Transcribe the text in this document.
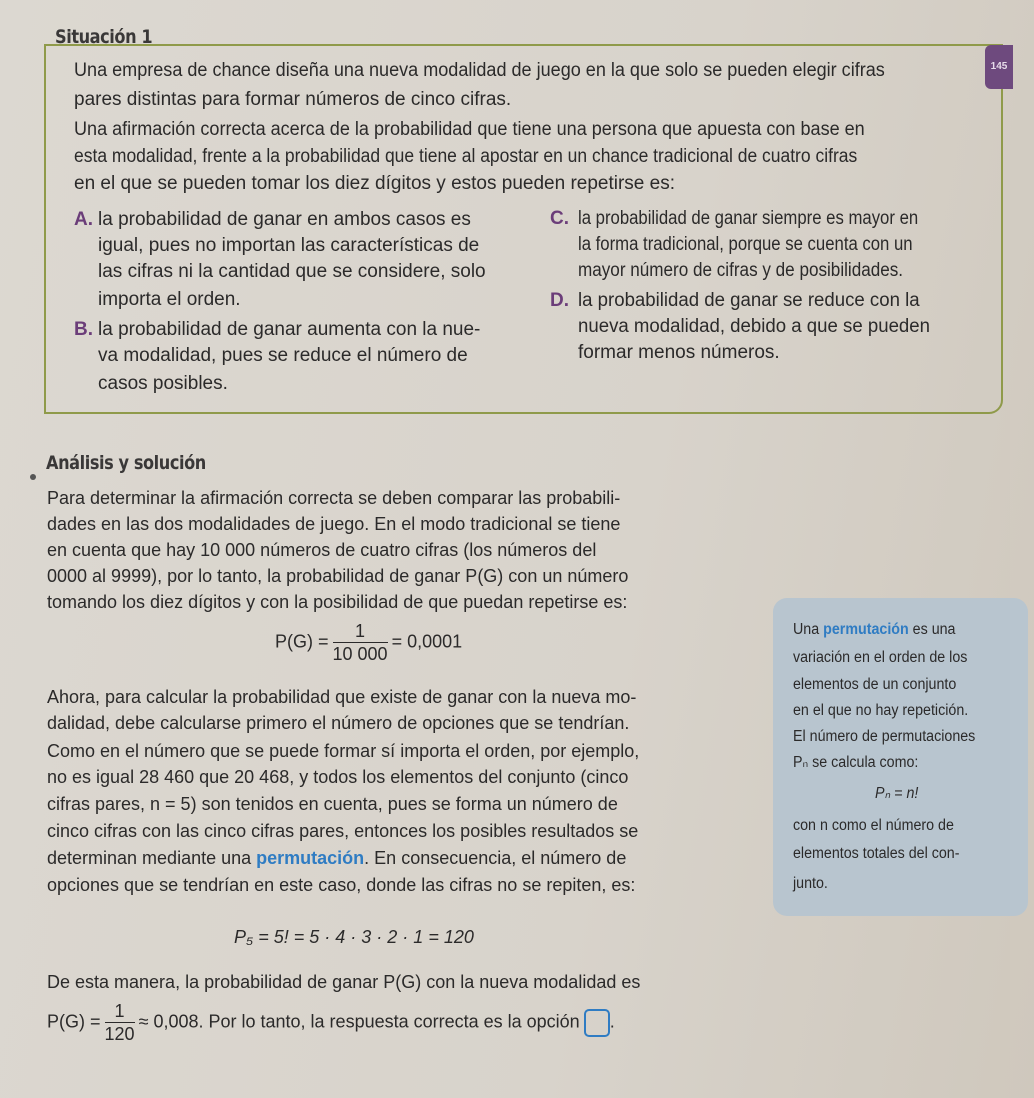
Situación 1
145
Una empresa de chance diseña una nueva modalidad de juego en la que solo se pueden elegir cifras
pares distintas para formar números de cinco cifras.
Una afirmación correcta acerca de la probabilidad que tiene una persona que apuesta con base en
esta modalidad, frente a la probabilidad que tiene al apostar en un chance tradicional de cuatro cifras
en el que se pueden tomar los diez dígitos y estos pueden repetirse es:
A. la probabilidad de ganar en ambos casos es
igual, pues no importan las características de
las cifras ni la cantidad que se considere, solo
importa el orden.
B. la probabilidad de ganar aumenta con la nue-
va modalidad, pues se reduce el número de
casos posibles.
C. la probabilidad de ganar siempre es mayor en
la forma tradicional, porque se cuenta con un
mayor número de cifras y de posibilidades.
D. la probabilidad de ganar se reduce con la
nueva modalidad, debido a que se pueden
formar menos números.
Análisis y solución
Para determinar la afirmación correcta se deben comparar las probabili-
dades en las dos modalidades de juego. En el modo tradicional se tiene
en cuenta que hay 10 000 números de cuatro cifras (los números del
0000 al 9999), por lo tanto, la probabilidad de ganar P(G) con un número
tomando los diez dígitos y con la posibilidad de que puedan repetirse es:
$P(G) = \frac{1}{10 000} = 0,0001$
Ahora, para calcular la probabilidad que existe de ganar con la nueva mo-
dalidad, debe calcularse primero el número de opciones que se tendrían.
Como en el número que se puede formar sí importa el orden, por ejemplo,
no es igual 28 460 que 20 468, y todos los elementos del conjunto (cinco
cifras pares, n = 5) son tenidos en cuenta, pues se forma un número de
cinco cifras con las cinco cifras pares, entonces los posibles resultados se
determinan mediante una permutación. En consecuencia, el número de
opciones que se tendrían en este caso, donde las cifras no se repiten, es:
P₅ = 5! = 5 · 4 · 3 · 2 · 1 = 120
De esta manera, la probabilidad de ganar P(G) con la nueva modalidad es
$P(G) = \frac{1}{120} \approx 0,008$. Por lo tanto, la respuesta correcta es la opción .
Una permutación es una
variación en el orden de los
elementos de un conjunto
en el que no hay repetición.
El número de permutaciones
Pₙ se calcula como:
Pₙ = n!
con n como el número de
elementos totales del con-
junto.
